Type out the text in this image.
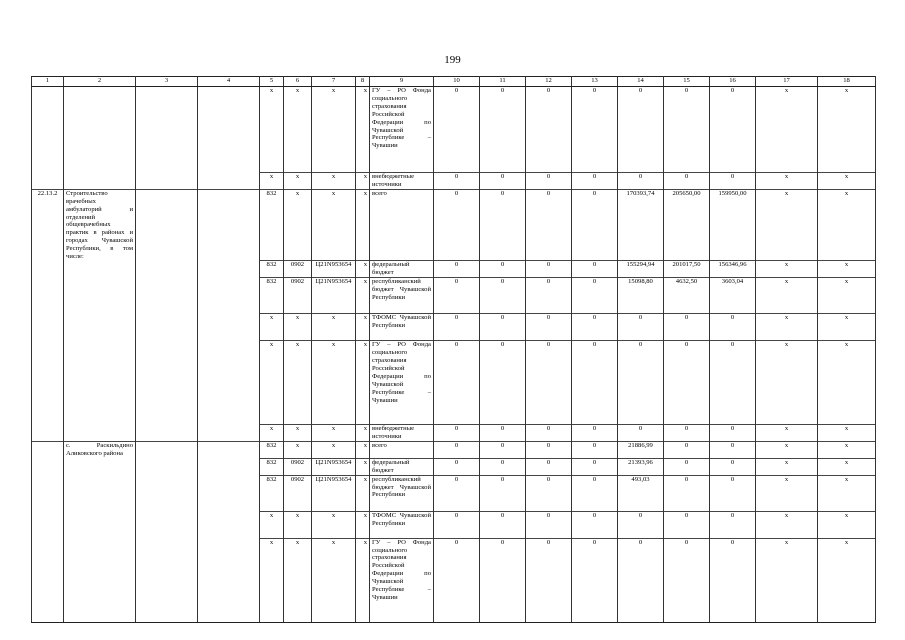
199
1	2	3	4	5	6	7	8	9	10	11	12	13	14	15	16	17	18
				х	х	х	х	ГУ – РО Фонда социального страхования Российской Федерации по Чувашской Республике – Чувашии	0	0	0	0	0	0	0	х	х
				х	х	х	х	внебюджетные источники	0	0	0	0	0	0	0	х	х
22.13.2	Строительство врачебных амбулаторий и отделений общеврачебных практик в районах и городах Чувашской Республики, в том числе:			832	х	х	х	всего	0	0	0	0	170393,74	205650,00	159950,00	х	х
				832	0902	Ц21N953654	х	федеральный бюджет	0	0	0	0	155294,94	201017,50	156346,96	х	х
				832	0902	Ц21N953654	х	республиканский бюджет Чувашской Республики	0	0	0	0	15098,80	4632,50	3603,04	х	х
				х	х	х	х	ТФОМС Чувашской Республики	0	0	0	0	0	0	0	х	х
				х	х	х	х	ГУ – РО Фонда социального страхования Российской Федерации по Чувашской Республике – Чувашии	0	0	0	0	0	0	0	х	х
				х	х	х	х	внебюджетные источники	0	0	0	0	0	0	0	х	х
	с. Раскильдино Аликовского района			832	х	х	х	всего	0	0	0	0	21886,99	0	0	х	х
				832	0902	Ц21N953654	х	федеральный бюджет	0	0	0	0	21393,96	0	0	х	х
				832	0902	Ц21N953654	х	республиканский бюджет Чувашской Республики	0	0	0	0	493,03	0	0	х	х
				х	х	х	х	ТФОМС Чувашской Республики	0	0	0	0	0	0	0	х	х
				х	х	х	х	ГУ – РО Фонда социального страхования Российской Федерации по Чувашской Республике – Чувашии	0	0	0	0	0	0	0	х	х
